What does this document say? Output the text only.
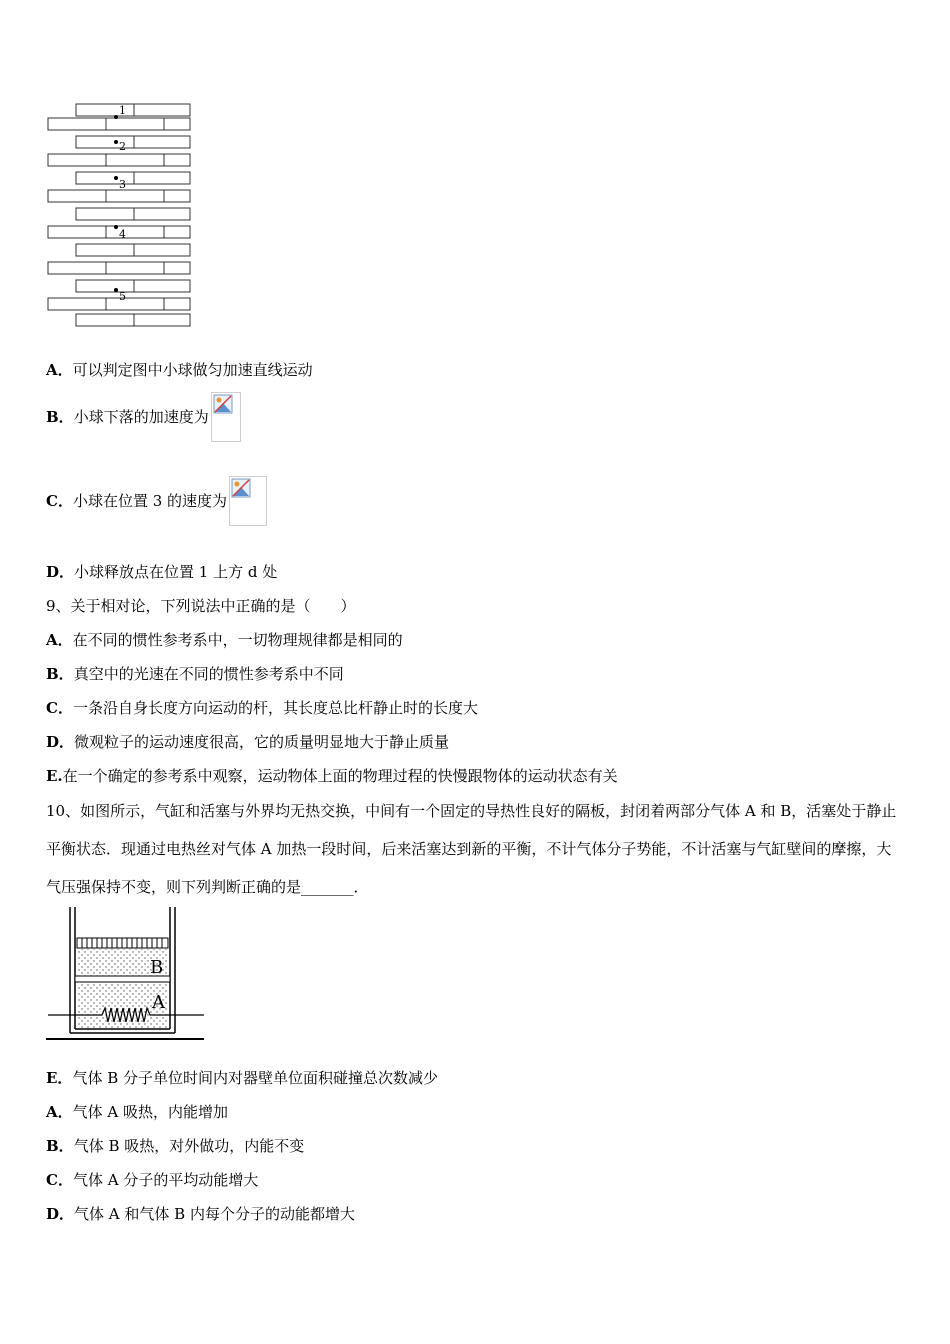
1
2
3
4
5
A．可以判定图中小球做匀加速直线运动
B．小球下落的加速度为
C．小球在位置 3 的速度为
D．小球释放点在位置 1 上方 d 处
9、关于相对论，下列说法中正确的是（　　）
A．在不同的惯性参考系中，一切物理规律都是相同的
B．真空中的光速在不同的惯性参考系中不同
C．一条沿自身长度方向运动的杆，其长度总比杆静止时的长度大
D．微观粒子的运动速度很高，它的质量明显地大于静止质量
E.在一个确定的参考系中观察，运动物体上面的物理过程的快慢跟物体的运动状态有关
10、如图所示，气缸和活塞与外界均无热交换，中间有一个固定的导热性良好的隔板，封闭着两部分气体 A 和 B，活塞处于静止平衡状态．现通过电热丝对气体 A 加热一段时间，后来活塞达到新的平衡，不计气体分子势能，不计活塞与气缸壁间的摩擦，大气压强保持不变，则下列判断正确的是_______．
B
A
E．气体 B 分子单位时间内对器壁单位面积碰撞总次数减少
A．气体 A 吸热，内能增加
B．气体 B 吸热，对外做功，内能不变
C．气体 A 分子的平均动能增大
D．气体 A 和气体 B 内每个分子的动能都增大
